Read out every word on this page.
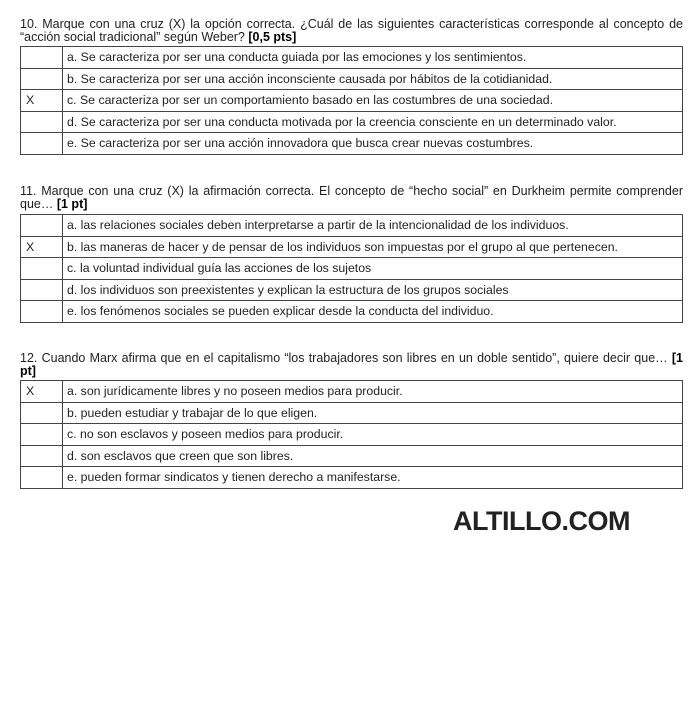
10. Marque con una cruz (X) la opción correcta. ¿Cuál de las siguientes características corresponde al concepto de “acción social tradicional” según Weber? [0,5 pts]
	a. Se caracteriza por ser una conducta guiada por las emociones y los sentimientos.
	b. Se caracteriza por ser una acción inconsciente causada por hábitos de la cotidianidad.
X	c. Se caracteriza por ser un comportamiento basado en las costumbres de una sociedad.
	d. Se caracteriza por ser una conducta motivada por la creencia consciente en un determinado valor.
	e. Se caracteriza por ser una acción innovadora que busca crear nuevas costumbres.
11. Marque con una cruz (X) la afirmación correcta. El concepto de “hecho social” en Durkheim permite comprender que… [1 pt]
	a. las relaciones sociales deben interpretarse a partir de la intencionalidad de los individuos.
X	b. las maneras de hacer y de pensar de los individuos son impuestas por el grupo al que pertenecen.
	c. la voluntad individual guía las acciones de los sujetos
	d. los individuos son preexistentes y explican la estructura de los grupos sociales
	e. los fenómenos sociales se pueden explicar desde la conducta del individuo.
12. Cuando Marx afirma que en el capitalismo “los trabajadores son libres en un doble sentido”, quiere decir que… [1 pt]
X	a. son jurídicamente libres y no poseen medios para producir.
	b. pueden estudiar y trabajar de lo que eligen.
	c. no son esclavos y poseen medios para producir.
	d. son esclavos que creen que son libres.
	e. pueden formar sindicatos y tienen derecho a manifestarse.
ALTILLO.COM
